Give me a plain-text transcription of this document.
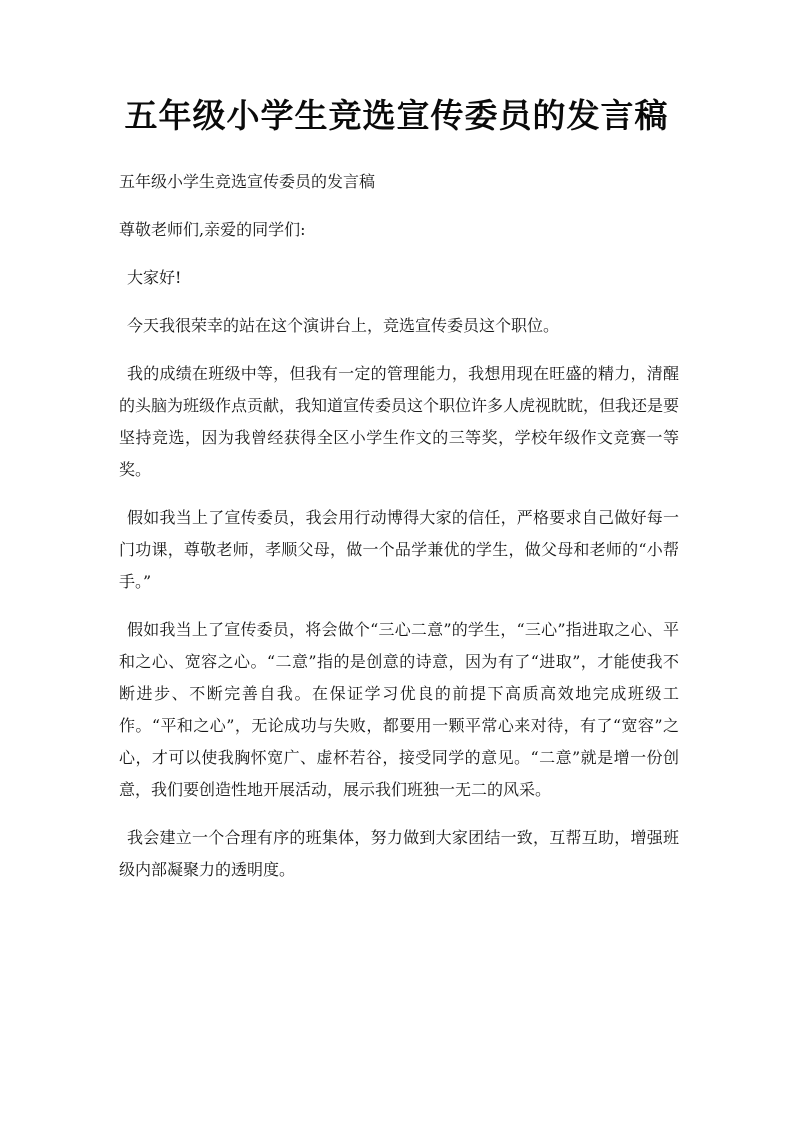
五年级小学生竞选宣传委员的发言稿

五年级小学生竞选宣传委员的发言稿

尊敬老师们,亲爱的同学们:

大家好!

今天我很荣幸的站在这个演讲台上，竞选宣传委员这个职位。

我的成绩在班级中等，但我有一定的管理能力，我想用现在旺盛的精力，清醒的头脑为班级作点贡献，我知道宣传委员这个职位许多人虎视眈眈，但我还是要坚持竞选，因为我曾经获得全区小学生作文的三等奖，学校年级作文竞赛一等奖。

假如我当上了宣传委员，我会用行动博得大家的信任，严格要求自己做好每一门功课，尊敬老师，孝顺父母，做一个品学兼优的学生，做父母和老师的“小帮手。”

假如我当上了宣传委员，将会做个“三心二意”的学生，“三心”指进取之心、平和之心、宽容之心。“二意”指的是创意的诗意，因为有了“进取”，才能使我不断进步、不断完善自我。在保证学习优良的前提下高质高效地完成班级工作。“平和之心”，无论成功与失败，都要用一颗平常心来对待，有了“宽容”之心，才可以使我胸怀宽广、虚杯若谷，接受同学的意见。“二意”就是增一份创意，我们要创造性地开展活动，展示我们班独一无二的风采。

我会建立一个合理有序的班集体，努力做到大家团结一致，互帮互助，增强班级内部凝聚力的透明度。
